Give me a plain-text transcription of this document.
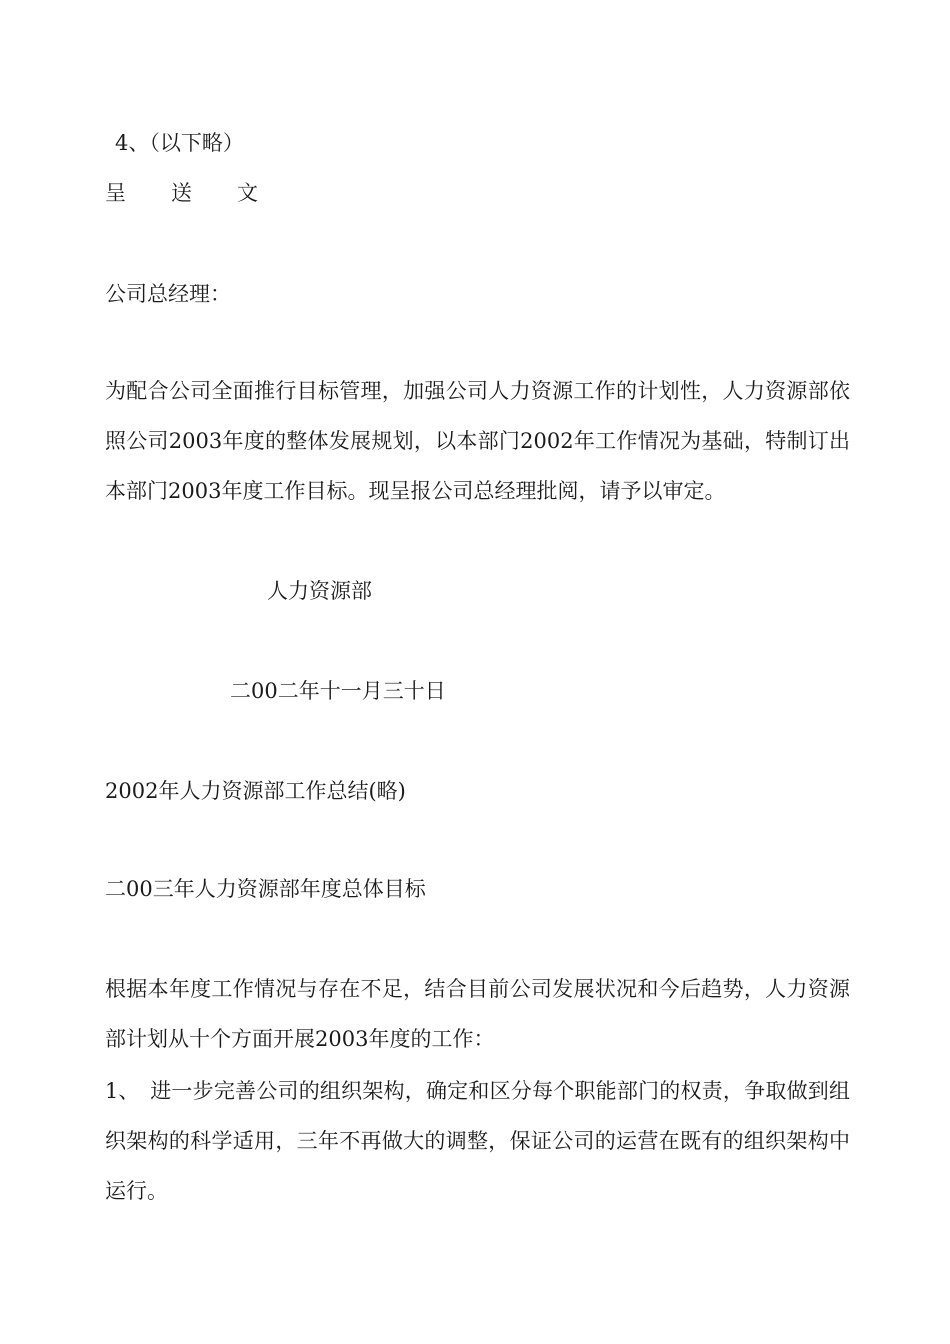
4、（以下略）
呈 送 文
公司总经理：
为配合公司全面推行目标管理，加强公司人力资源工作的计划性，人力资源部依照公司2003年度的整体发展规划，以本部门2002年工作情况为基础，特制订出本部门2003年度工作目标。现呈报公司总经理批阅，请予以审定。
人力资源部
二00二年十一月三十日
2002年人力资源部工作总结(略)
二00三年人力资源部年度总体目标
根据本年度工作情况与存在不足，结合目前公司发展状况和今后趋势，人力资源部计划从十个方面开展2003年度的工作：
1、 进一步完善公司的组织架构，确定和区分每个职能部门的权责，争取做到组织架构的科学适用，三年不再做大的调整，保证公司的运营在既有的组织架构中运行。
